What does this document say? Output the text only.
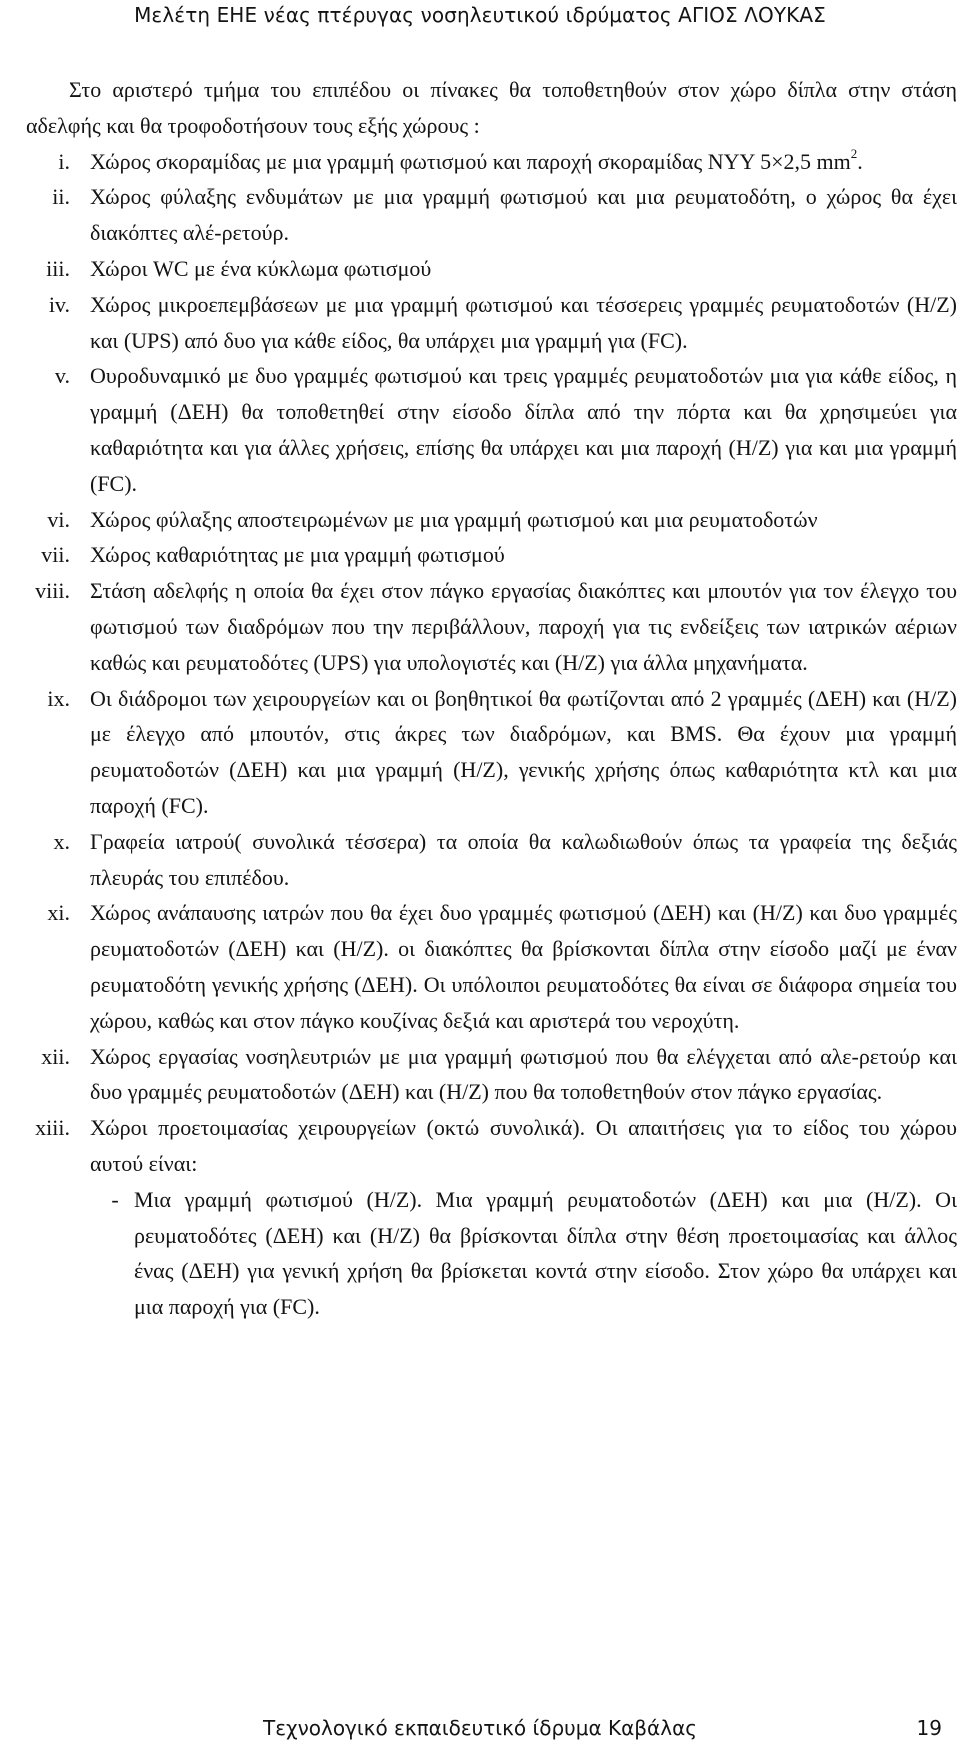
Μελέτη ΕΗΕ νέας πτέρυγας νοσηλευτικού ιδρύματος ΑΓΙΟΣ ΛΟΥΚΑΣ

Στο αριστερό τμήμα του επιπέδου οι πίνακες θα τοποθετηθούν στον χώρο δίπλα στην στάση αδελφής και θα τροφοδοτήσουν τους εξής χώρους :

i. Χώρος σκοραμίδας με μια γραμμή φωτισμού και παροχή σκοραμίδας NYY 5×2,5 $mm^2$.
ii. Χώρος φύλαξης ενδυμάτων με μια γραμμή φωτισμού και μια ρευματοδότη, ο χώρος θα έχει διακόπτες αλέ-ρετούρ.
iii. Χώροι WC με ένα κύκλωμα φωτισμού
iv. Χώρος μικροεπεμβάσεων με μια γραμμή φωτισμού και τέσσερεις γραμμές ρευματοδοτών (Η/Ζ) και (UPS) από δυο για κάθε είδος, θα υπάρχει μια γραμμή για (FC).
v. Ουροδυναμικό με δυο γραμμές φωτισμού και τρεις γραμμές ρευματοδοτών μια για κάθε είδος, η γραμμή (ΔΕΗ) θα τοποθετηθεί στην είσοδο δίπλα από την πόρτα και θα χρησιμεύει για καθαριότητα και για άλλες χρήσεις, επίσης θα υπάρχει και μια παροχή (Η/Ζ) για και μια γραμμή (FC).
vi. Χώρος φύλαξης αποστειρωμένων με μια γραμμή φωτισμού και μια ρευματοδοτών
vii. Χώρος καθαριότητας με μια γραμμή φωτισμού
viii. Στάση αδελφής η οποία θα έχει στον πάγκο εργασίας διακόπτες και μπουτόν για τον έλεγχο του φωτισμού των διαδρόμων που την περιβάλλουν, παροχή για τις ενδείξεις των ιατρικών αέριων καθώς και ρευματοδότες (UPS) για υπολογιστές και (Η/Ζ) για άλλα μηχανήματα.
ix. Οι διάδρομοι των χειρουργείων και οι βοηθητικοί θα φωτίζονται από 2 γραμμές (ΔΕΗ) και (Η/Ζ) με έλεγχο από μπουτόν, στις άκρες των διαδρόμων, και BMS. Θα έχουν μια γραμμή ρευματοδοτών (ΔΕΗ) και μια γραμμή (Η/Ζ), γενικής χρήσης όπως καθαριότητα κτλ και μια παροχή (FC).
x. Γραφεία ιατρού( συνολικά τέσσερα) τα οποία θα καλωδιωθούν όπως τα γραφεία της δεξιάς πλευράς του επιπέδου.
xi. Χώρος ανάπαυσης ιατρών που θα έχει δυο γραμμές φωτισμού (ΔΕΗ) και (Η/Ζ) και δυο γραμμές ρευματοδοτών (ΔΕΗ) και (Η/Ζ). οι διακόπτες θα βρίσκονται δίπλα στην είσοδο μαζί με έναν ρευματοδότη γενικής χρήσης (ΔΕΗ). Οι υπόλοιποι ρευματοδότες θα είναι σε διάφορα σημεία του χώρου, καθώς και στον πάγκο κουζίνας δεξιά και αριστερά του νεροχύτη.
xii. Χώρος εργασίας νοσηλευτριών με μια γραμμή φωτισμού που θα ελέγχεται από αλε-ρετούρ και δυο γραμμές ρευματοδοτών (ΔΕΗ) και (Η/Ζ) που θα τοποθετηθούν στον πάγκο εργασίας.
xiii. Χώροι προετοιμασίας χειρουργείων (οκτώ συνολικά). Οι απαιτήσεις για το είδος του χώρου αυτού είναι:
- Μια γραμμή φωτισμού (Η/Ζ). Μια γραμμή ρευματοδοτών (ΔΕΗ) και μια (Η/Ζ). Οι ρευματοδότες (ΔΕΗ) και (Η/Ζ) θα βρίσκονται δίπλα στην θέση προετοιμασίας και άλλος ένας (ΔΕΗ) για γενική χρήση θα βρίσκεται κοντά στην είσοδο. Στον χώρο θα υπάρχει και μια παροχή για (FC).
Τεχνολογικό εκπαιδευτικό ίδρυμα Καβάλας	19
